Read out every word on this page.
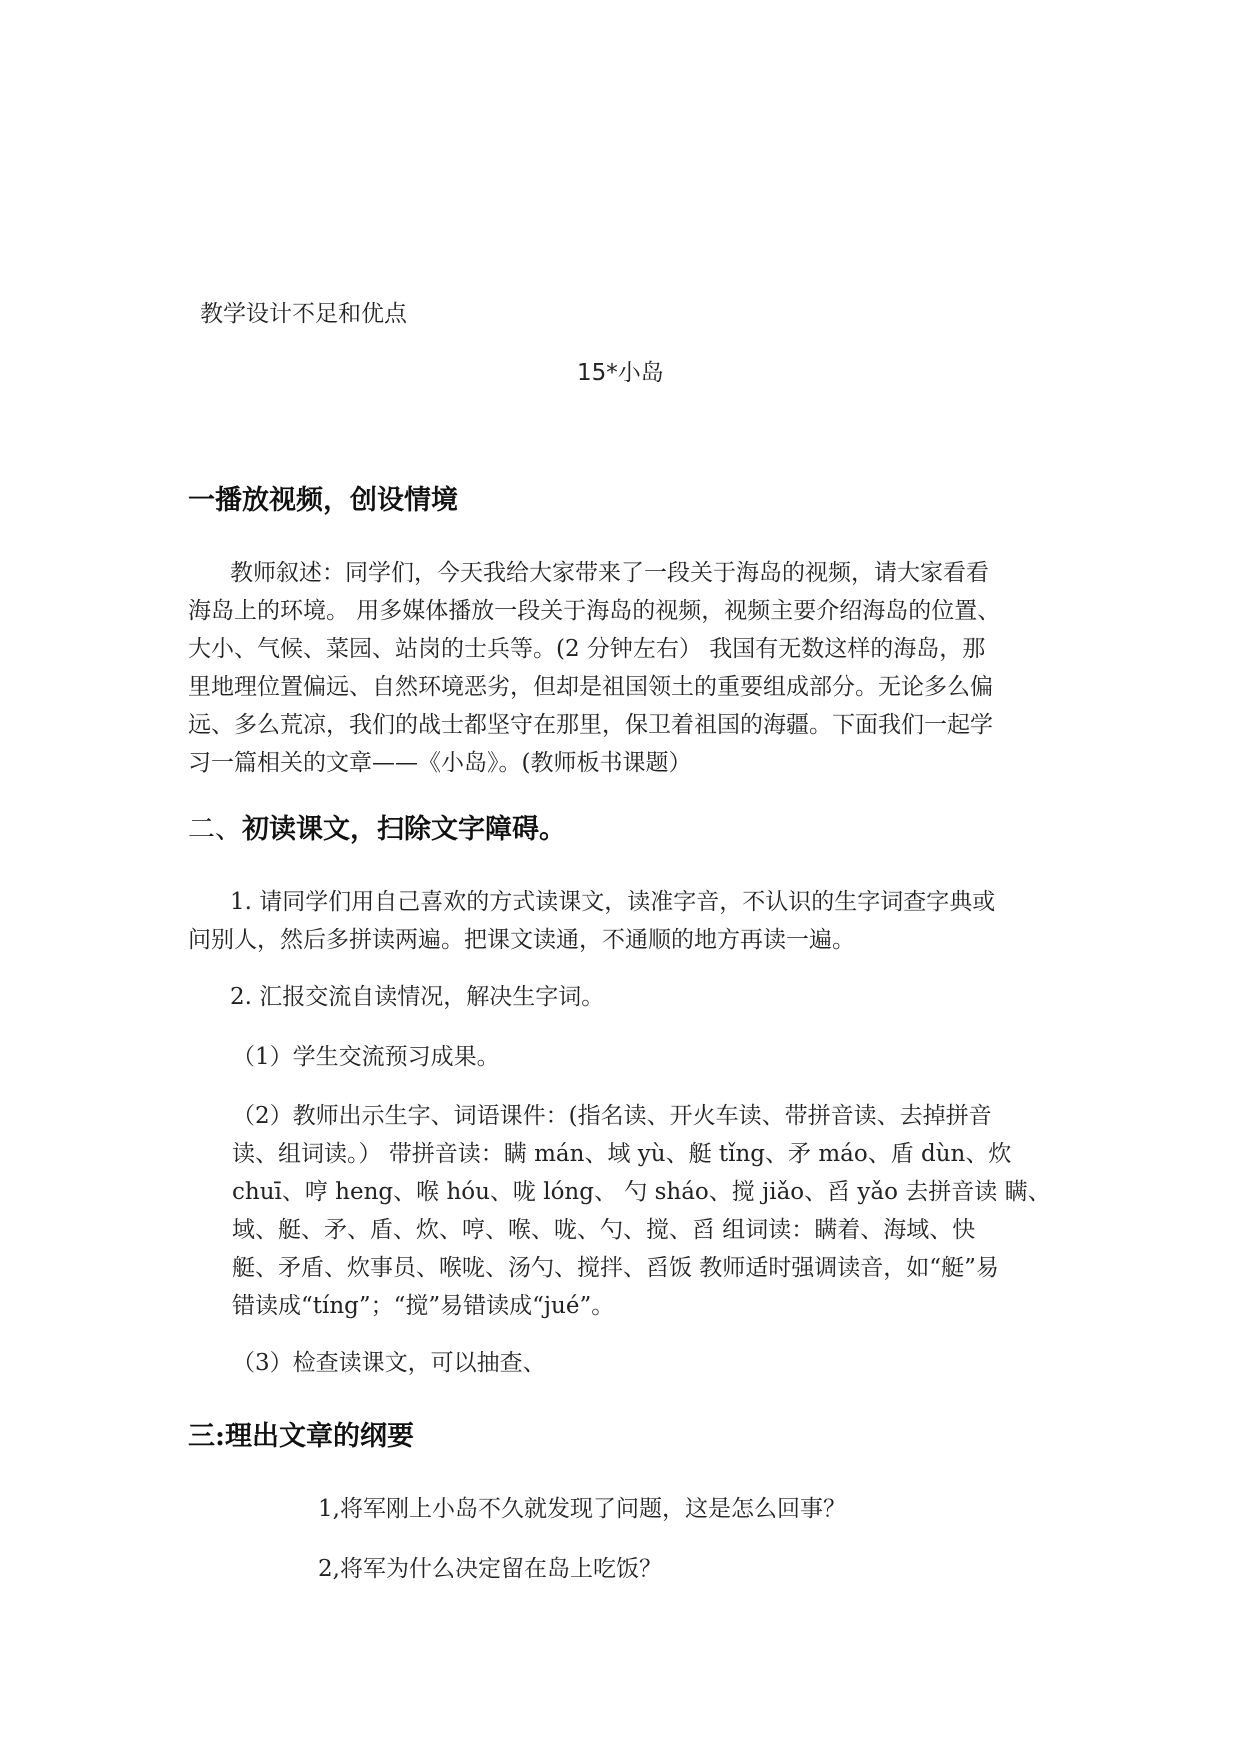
教学设计不足和优点
15*小岛
一播放视频，创设情境
教师叙述：同学们，今天我给大家带来了一段关于海岛的视频，请大家看看
海岛上的环境。 用多媒体播放一段关于海岛的视频，视频主要介绍海岛的位置、
大小、气候、菜园、站岗的士兵等。(2 分钟左右） 我国有无数这样的海岛，那
里地理位置偏远、自然环境恶劣，但却是祖国领土的重要组成部分。无论多么偏
远、多么荒凉，我们的战士都坚守在那里，保卫着祖国的海疆。下面我们一起学
习一篇相关的文章——《小岛》。(教师板书课题）
二、初读课文，扫除文字障碍。
1. 请同学们用自己喜欢的方式读课文，读准字音，不认识的生字词查字典或
问别人，然后多拼读两遍。把课文读通，不通顺的地方再读一遍。
2. 汇报交流自读情况，解决生字词。
（1）学生交流预习成果。
（2）教师出示生字、词语课件：(指名读、开火车读、带拼音读、去掉拼音
读、组词读。） 带拼音读：瞒 mán、域 yù、艇 tǐng、矛 máo、盾 dùn、炊
chuī、哼 heng、喉 hóu、咙 lóng、 勺 sháo、搅 jiǎo、舀 yǎo 去拼音读 瞒、
域、艇、矛、盾、炊、哼、喉、咙、勺、搅、舀 组词读：瞒着、海域、快
艇、矛盾、炊事员、喉咙、汤勺、搅拌、舀饭 教师适时强调读音，如“艇”易
错读成“tíng”；“搅”易错读成“jué”。
（3）检查读课文，可以抽查、
三:理出文章的纲要
1,将军刚上小岛不久就发现了问题，这是怎么回事？
2,将军为什么决定留在岛上吃饭？
